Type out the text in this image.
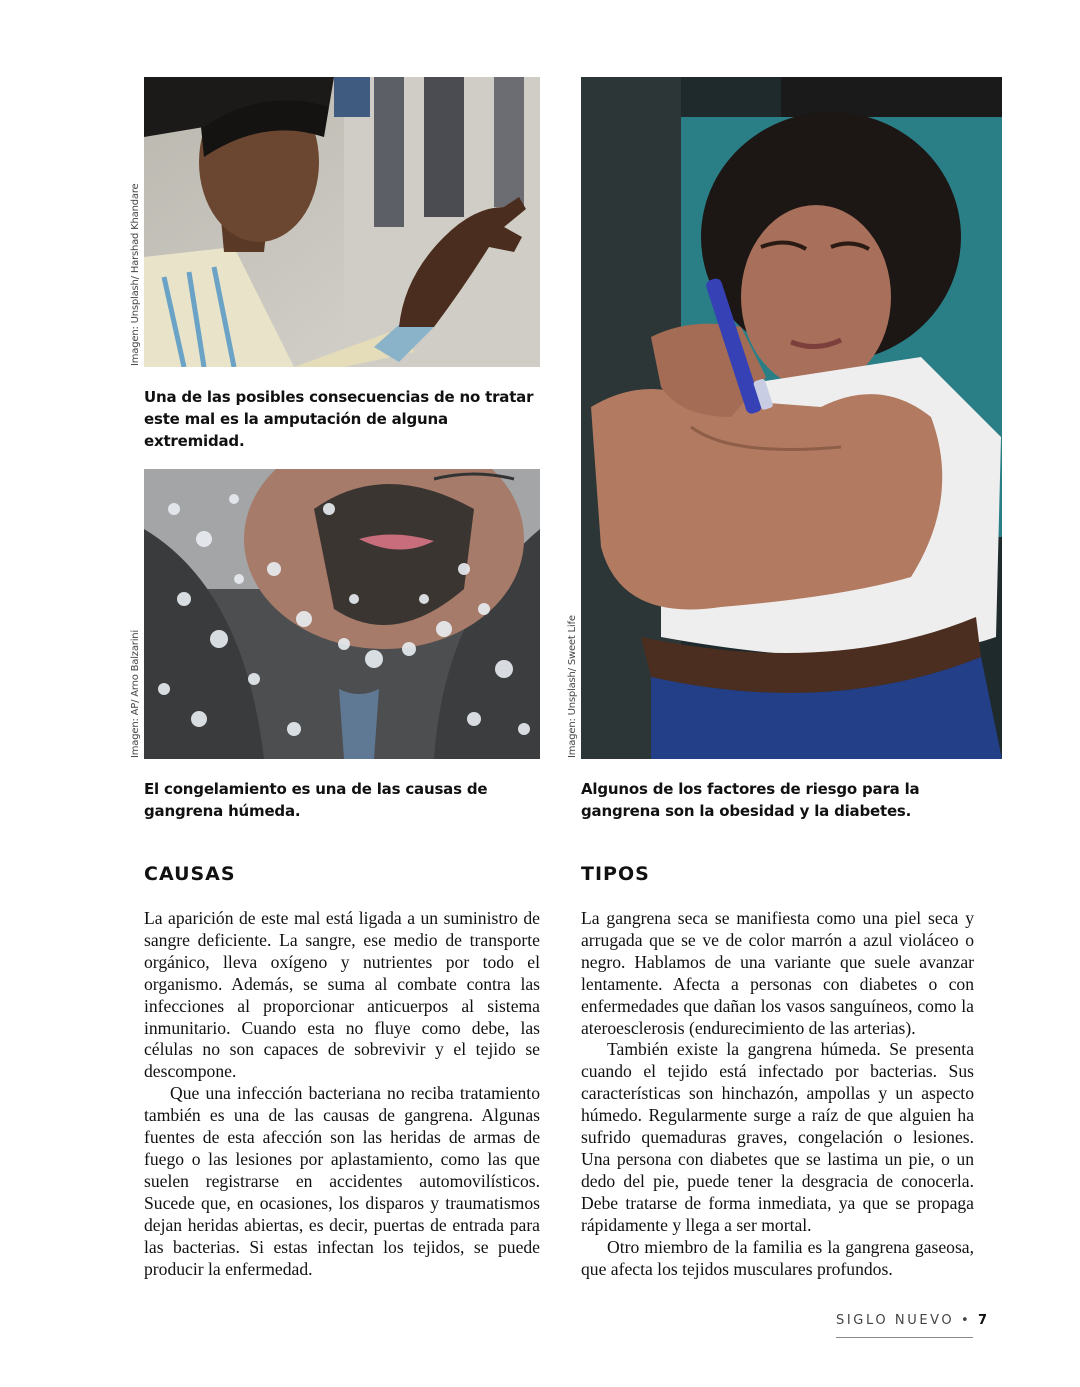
Imagen: Unsplash/ Harshad Khandare
Una de las posibles consecuencias de no tratar este mal es la amputación de alguna extremidad.
Imagen: AP/ Arno Balzarini
El congelamiento es una de las causas de gangrena húmeda.
Imagen: Unsplash/ Sweet Life
Algunos de los factores de riesgo para la gangrena son la obesidad y la diabetes.
CAUSAS

La aparición de este mal está ligada a un suministro de sangre deficiente. La sangre, ese medio de transporte orgánico, lleva oxígeno y nutrientes por todo el organismo. Además, se suma al combate contra las infecciones al proporcionar anticuerpos al sistema inmunitario. Cuando esta no fluye como debe, las células no son capaces de sobrevivir y el tejido se descompone.

Que una infección bacteriana no reciba tratamiento también es una de las causas de gangrena. Algunas fuentes de esta afección son las heridas de armas de fuego o las lesiones por aplastamiento, como las que suelen registrarse en accidentes automovilísticos. Sucede que, en ocasiones, los disparos y traumatismos dejan heridas abiertas, es decir, puertas de entrada para las bacterias. Si estas infectan los tejidos, se puede producir la enfermedad.

TIPOS

La gangrena seca se manifiesta como una piel seca y arrugada que se ve de color marrón a azul violáceo o negro. Hablamos de una variante que suele avanzar lentamente. Afecta a personas con diabetes o con enfermedades que dañan los vasos sanguíneos, como la ateroesclerosis (endurecimiento de las arterias).

También existe la gangrena húmeda. Se presenta cuando el tejido está infectado por bacterias. Sus características son hinchazón, ampollas y un aspecto húmedo. Regularmente surge a raíz de que alguien ha sufrido quemaduras graves, congelación o lesiones. Una persona con diabetes que se lastima un pie, o un dedo del pie, puede tener la desgracia de conocerla. Debe tratarse de forma inmediata, ya que se propaga rápidamente y llega a ser mortal.

Otro miembro de la familia es la gangrena gaseosa, que afecta los tejidos musculares profundos.

SIGLO NUEVO • 7
